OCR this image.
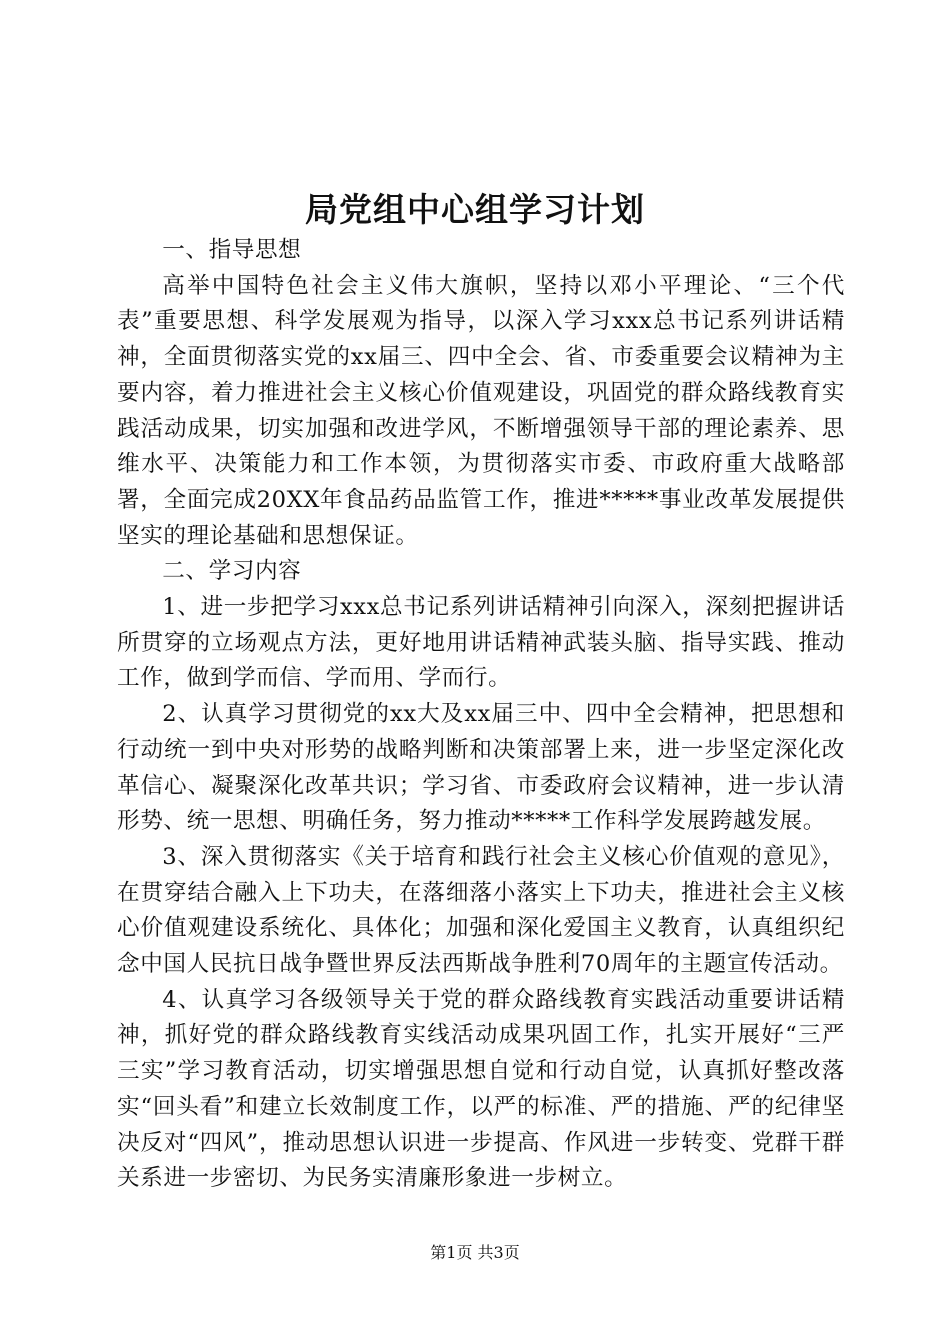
局党组中心组学习计划

一、指导思想

高举中国特色社会主义伟大旗帜，坚持以邓小平理论、“三个代表”重要思想、科学发展观为指导，以深入学习xxx总书记系列讲话精神，全面贯彻落实党的xx届三、四中全会、省、市委重要会议精神为主要内容，着力推进社会主义核心价值观建设，巩固党的群众路线教育实践活动成果，切实加强和改进学风，不断增强领导干部的理论素养、思维水平、决策能力和工作本领，为贯彻落实市委、市政府重大战略部署，全面完成20XX年食品药品监管工作，推进*****事业改革发展提供坚实的理论基础和思想保证。

二、学习内容

1、进一步把学习xxx总书记系列讲话精神引向深入，深刻把握讲话所贯穿的立场观点方法，更好地用讲话精神武装头脑、指导实践、推动工作，做到学而信、学而用、学而行。

2、认真学习贯彻党的xx大及xx届三中、四中全会精神，把思想和行动统一到中央对形势的战略判断和决策部署上来，进一步坚定深化改革信心、凝聚深化改革共识；学习省、市委政府会议精神，进一步认清形势、统一思想、明确任务，努力推动*****工作科学发展跨越发展。

3、深入贯彻落实《关于培育和践行社会主义核心价值观的意见》，在贯穿结合融入上下功夫，在落细落小落实上下功夫，推进社会主义核心价值观建设系统化、具体化；加强和深化爱国主义教育，认真组织纪念中国人民抗日战争暨世界反法西斯战争胜利70周年的主题宣传活动。

4、认真学习各级领导关于党的群众路线教育实践活动重要讲话精神，抓好党的群众路线教育实线活动成果巩固工作，扎实开展好“三严三实”学习教育活动，切实增强思想自觉和行动自觉，认真抓好整改落实“回头看”和建立长效制度工作，以严的标准、严的措施、严的纪律坚决反对“四风”，推动思想认识进一步提高、作风进一步转变、党群干群关系进一步密切、为民务实清廉形象进一步树立。

第1页 共3页
